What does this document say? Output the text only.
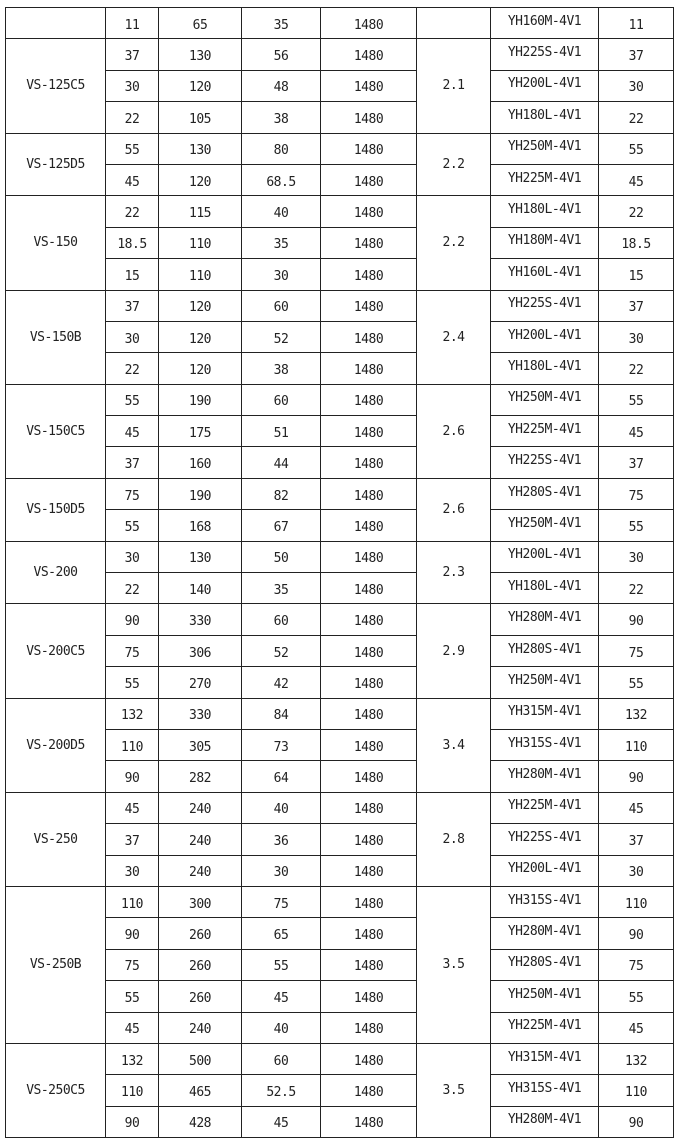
	11	65	35	1480		YH160M-4V1	11
VS-125C5	37	130	56	1480	2.1	YH225S-4V1	37
	30	120	48	1480		YH200L-4V1	30
	22	105	38	1480		YH180L-4V1	22
VS-125D5	55	130	80	1480	2.2	YH250M-4V1	55
	45	120	68.5	1480		YH225M-4V1	45
VS-150	22	115	40	1480	2.2	YH180L-4V1	22
	18.5	110	35	1480		YH180M-4V1	18.5
	15	110	30	1480		YH160L-4V1	15
VS-150B	37	120	60	1480	2.4	YH225S-4V1	37
	30	120	52	1480		YH200L-4V1	30
	22	120	38	1480		YH180L-4V1	22
VS-150C5	55	190	60	1480	2.6	YH250M-4V1	55
	45	175	51	1480		YH225M-4V1	45
	37	160	44	1480		YH225S-4V1	37
VS-150D5	75	190	82	1480	2.6	YH280S-4V1	75
	55	168	67	1480		YH250M-4V1	55
VS-200	30	130	50	1480	2.3	YH200L-4V1	30
	22	140	35	1480		YH180L-4V1	22
VS-200C5	90	330	60	1480	2.9	YH280M-4V1	90
	75	306	52	1480		YH280S-4V1	75
	55	270	42	1480		YH250M-4V1	55
VS-200D5	132	330	84	1480	3.4	YH315M-4V1	132
	110	305	73	1480		YH315S-4V1	110
	90	282	64	1480		YH280M-4V1	90
VS-250	45	240	40	1480	2.8	YH225M-4V1	45
	37	240	36	1480		YH225S-4V1	37
	30	240	30	1480		YH200L-4V1	30
VS-250B	110	300	75	1480	3.5	YH315S-4V1	110
	90	260	65	1480		YH280M-4V1	90
	75	260	55	1480		YH280S-4V1	75
	55	260	45	1480		YH250M-4V1	55
	45	240	40	1480		YH225M-4V1	45
VS-250C5	132	500	60	1480	3.5	YH315M-4V1	132
	110	465	52.5	1480		YH315S-4V1	110
	90	428	45	1480		YH280M-4V1	90
